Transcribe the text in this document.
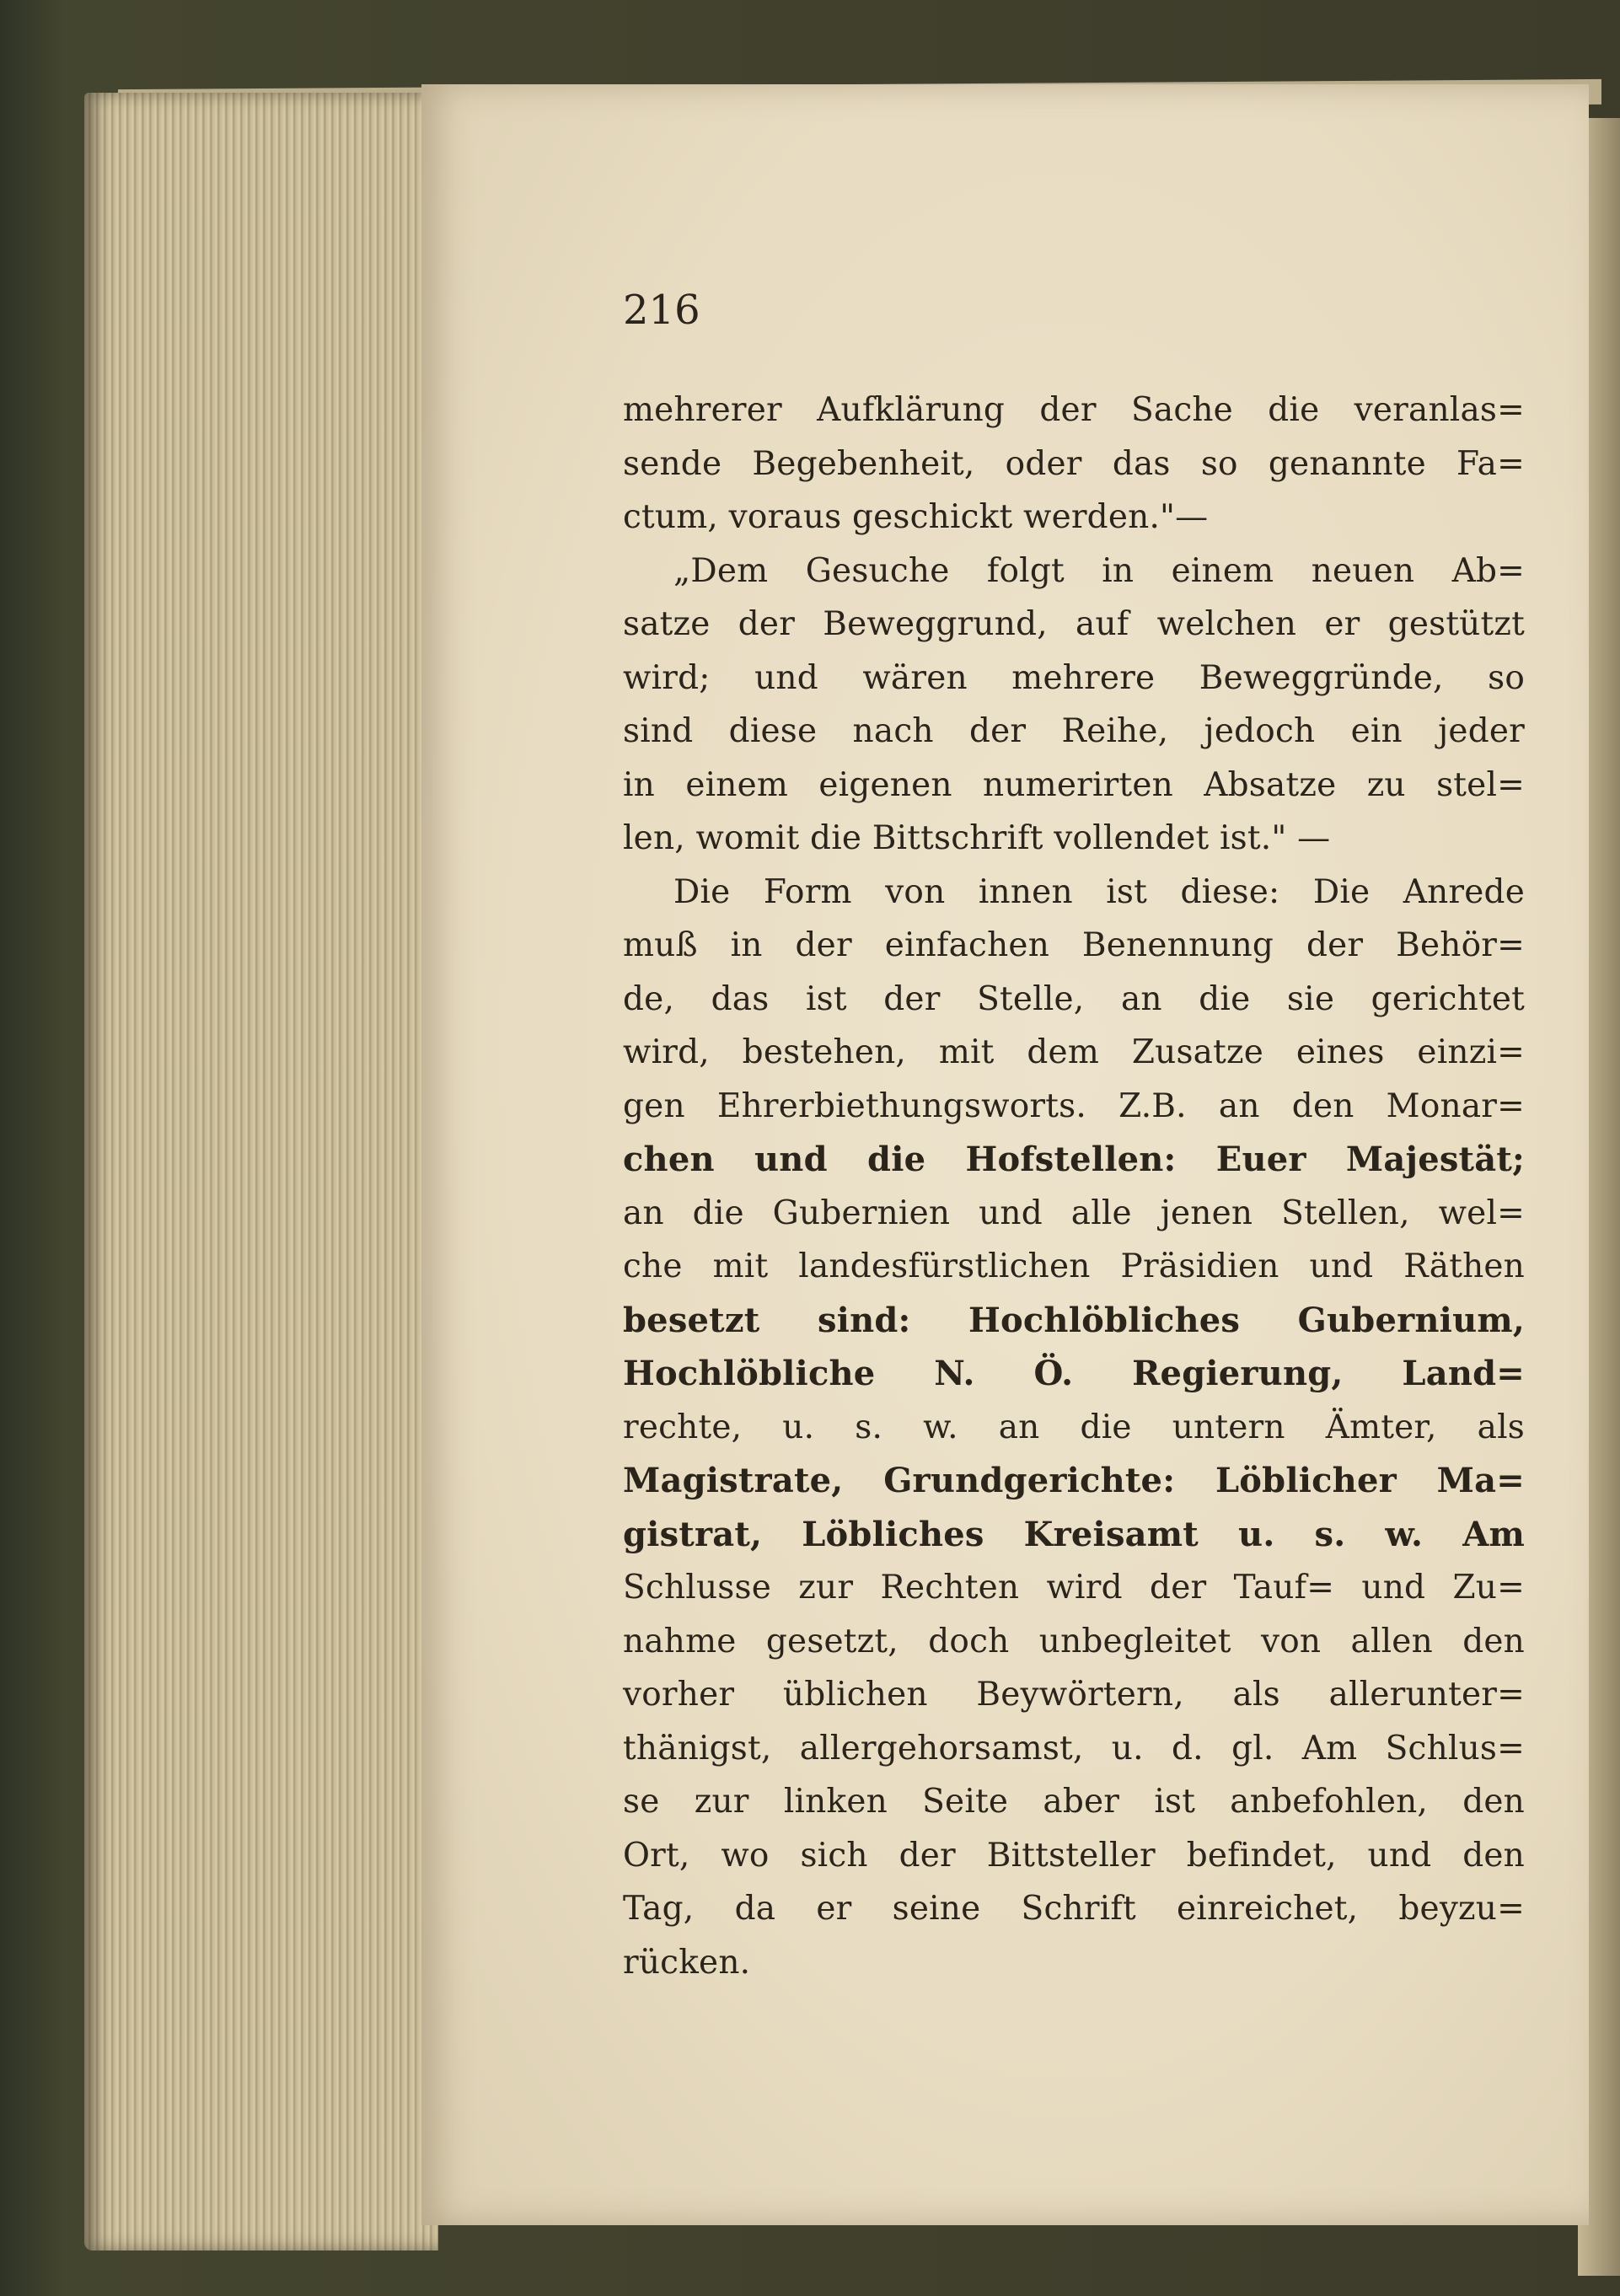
216
mehrerer Aufklärung der Sache die veranlas=
sende Begebenheit, oder das so genannte Fa=
ctum, voraus geschickt werden."—
„Dem Gesuche folgt in einem neuen Ab=
satze der Beweggrund, auf welchen er gestützt
wird; und wären mehrere Beweggründe, so
sind diese nach der Reihe, jedoch ein jeder
in einem eigenen numerirten Absatze zu stel=
len, womit die Bittschrift vollendet ist." —
Die Form von innen ist diese: Die Anrede
muß in der einfachen Benennung der Behör=
de, das ist der Stelle, an die sie gerichtet
wird, bestehen, mit dem Zusatze eines einzi=
gen Ehrerbiethungsworts. Z.B. an den Monar=
chen und die Hofstellen: Euer Majestät;
an die Gubernien und alle jenen Stellen, wel=
che mit landesfürstlichen Präsidien und Räthen
besetzt sind: Hochlöbliches Gubernium,
Hochlöbliche N. Ö. Regierung, Land=
rechte, u. s. w. an die untern Ämter, als
Magistrate, Grundgerichte: Löblicher Ma=
gistrat, Löbliches Kreisamt u. s. w. Am
Schlusse zur Rechten wird der Tauf= und Zu=
nahme gesetzt, doch unbegleitet von allen den
vorher üblichen Beywörtern, als allerunter=
thänigst, allergehorsamst, u. d. gl. Am Schlus=
se zur linken Seite aber ist anbefohlen, den
Ort, wo sich der Bittsteller befindet, und den
Tag, da er seine Schrift einreichet, beyzu=
rücken.
